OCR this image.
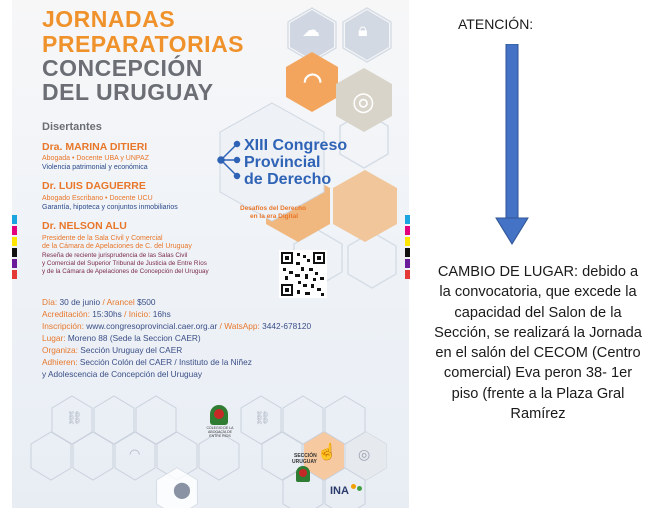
☁ 🔒︎
◠
◎
⬤
☝ ◎
⛓	⛓
◠

JORNADAS

PREPARATORIAS

CONCEPCIÓN

DEL URUGUAY

Disertantes

Dra. MARINA DITIERI

Abogada • Docente UBA y UNPAZ

Violencia patrimonial y económica

Dr. LUIS DAGUERRE

Abogado Escribano • Docente UCU

Garantía, hipoteca y conjuntos inmobiliarios

Dr. NELSON ALU

Presidente de la Sala Civil y Comercial

de la Cámara de Apelaciones de C. del Uruguay

Reseña de reciente jurisprudencia de las Salas Civil

y Comercial del Superior Tribunal de Justicia de Entre Ríos

y de la Cámara de Apelaciones de Concepción del Uruguay

XIII Congreso

Provincial

de Derecho

Desafíos del Derecho

en la era Digital

Día: 30 de junio / Arancel $500

Acreditación: 15:30hs / Inicio: 16hs

Inscripción: www.congresoprovincial.caer.org.ar / WatsApp: 3442-678120

Lugar: Moreno 88 (Sede la Seccion CAER)

Organiza: Sección Uruguay del CAER

Adhieren: Sección Colón del CAER / Instituto de la Niñez

y Adolescencia de Concepción del Uruguay

COLEGIO DE LA ABOGACÍA DE ENTRE RÍOS

SECCIÓN

URUGUAY

INA

ATENCIÓN:

CAMBIO DE LUGAR: debido a la convocatoria, que excede la capacidad del Salon de la Sección, se realizará la Jornada en el salón del CECOM (Centro comercial) Eva peron 38- 1er piso (frente a la Plaza Gral Ramírez
